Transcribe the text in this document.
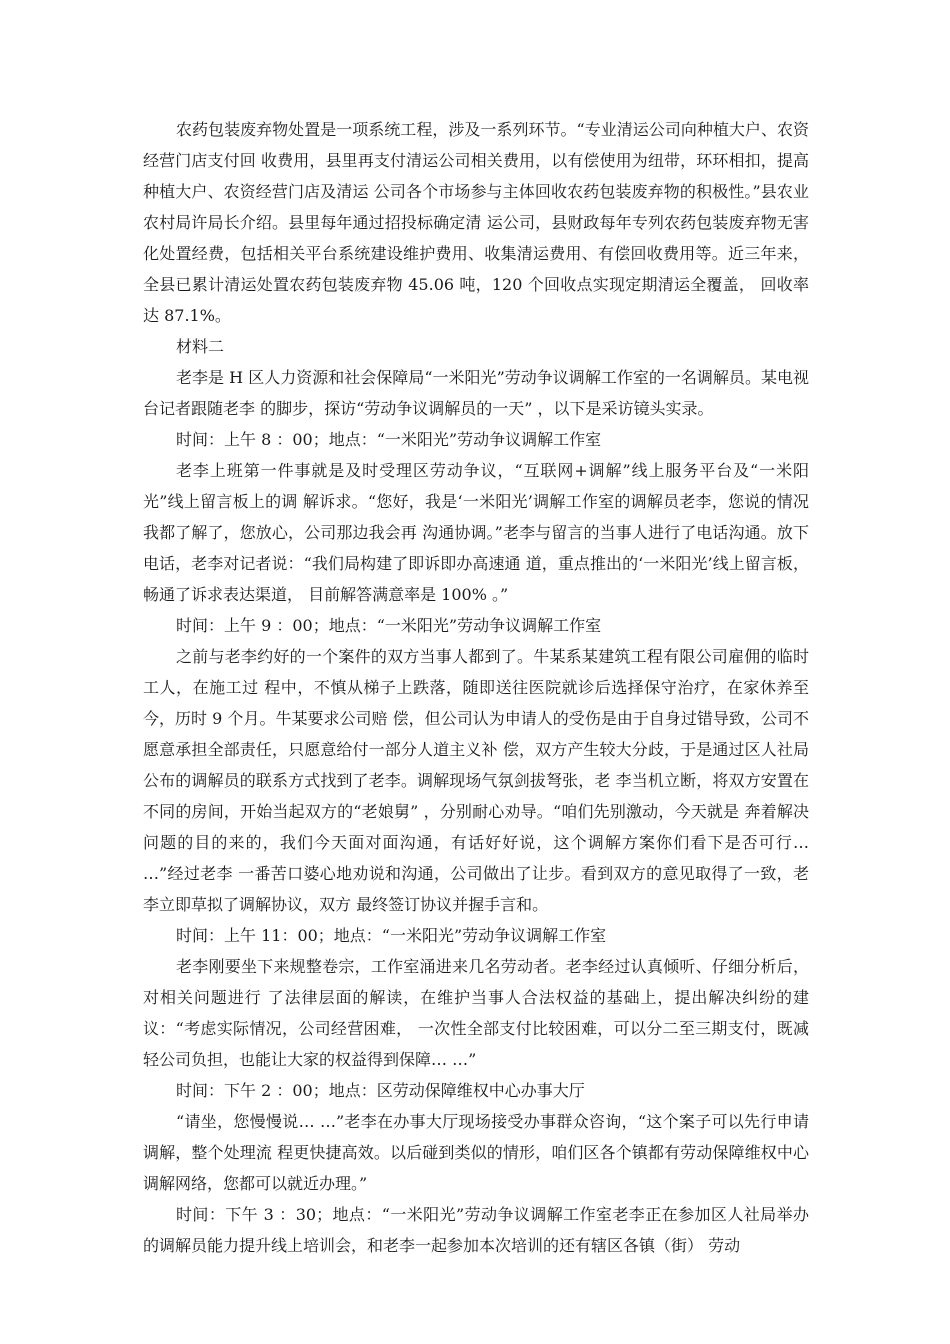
农药包装废弃物处置是一项系统工程，涉及一系列环节。“专业清运公司向种植大户、农资经营门店支付回 收费用，县里再支付清运公司相关费用，以有偿使用为纽带，环环相扣，提高种植大户、农资经营门店及清运 公司各个市场参与主体回收农药包装废弃物的积极性。”县农业农村局许局长介绍。县里每年通过招投标确定清 运公司，县财政每年专列农药包装废弃物无害化处置经费，包括相关平台系统建设维护费用、收集清运费用、有偿回收费用等。近三年来，全县已累计清运处置农药包装废弃物 45.06 吨，120 个回收点实现定期清运全覆盖， 回收率达 87.1%。

材料二

老李是 H 区人力资源和社会保障局“一米阳光”劳动争议调解工作室的一名调解员。某电视台记者跟随老李 的脚步，探访“劳动争议调解员的一天” ，以下是采访镜头实录。

时间：上午 8 ：00；地点：“一米阳光”劳动争议调解工作室

老李上班第一件事就是及时受理区劳动争议，“互联网+调解”线上服务平台及“一米阳光”线上留言板上的调 解诉求。“您好，我是‘一米阳光’调解工作室的调解员老李，您说的情况我都了解了，您放心，公司那边我会再 沟通协调。”老李与留言的当事人进行了电话沟通。放下电话，老李对记者说：“我们局构建了即诉即办高速通 道，重点推出的‘一米阳光’线上留言板，畅通了诉求表达渠道， 目前解答满意率是 100% 。”

时间：上午 9 ：00；地点：“一米阳光”劳动争议调解工作室

之前与老李约好的一个案件的双方当事人都到了。牛某系某建筑工程有限公司雇佣的临时工人，在施工过 程中，不慎从梯子上跌落，随即送往医院就诊后选择保守治疗，在家休养至今，历时 9 个月。牛某要求公司赔 偿，但公司认为申请人的受伤是由于自身过错导致，公司不愿意承担全部责任，只愿意给付一部分人道主义补 偿，双方产生较大分歧，于是通过区人社局公布的调解员的联系方式找到了老李。调解现场气氛剑拔弩张，老 李当机立断，将双方安置在不同的房间，开始当起双方的“老娘舅” ，分别耐心劝导。“咱们先别激动，今天就是 奔着解决问题的目的来的，我们今天面对面沟通，有话好好说，这个调解方案你们看下是否可行… …”经过老李 一番苦口婆心地劝说和沟通，公司做出了让步。看到双方的意见取得了一致，老李立即草拟了调解协议，双方 最终签订协议并握手言和。

时间：上午 11：00；地点：“一米阳光”劳动争议调解工作室

老李刚要坐下来规整卷宗，工作室涌进来几名劳动者。老李经过认真倾听、仔细分析后，对相关问题进行 了法律层面的解读，在维护当事人合法权益的基础上，提出解决纠纷的建议：“考虑实际情况，公司经营困难， 一次性全部支付比较困难，可以分二至三期支付，既减轻公司负担，也能让大家的权益得到保障… …”

时间：下午 2 ：00；地点：区劳动保障维权中心办事大厅

“请坐，您慢慢说… …”老李在办事大厅现场接受办事群众咨询，“这个案子可以先行申请调解，整个处理流 程更快捷高效。以后碰到类似的情形，咱们区各个镇都有劳动保障维权中心调解网络，您都可以就近办理。”

时间：下午 3 ：30；地点：“一米阳光”劳动争议调解工作室老李正在参加区人社局举办的调解员能力提升线上培训会，和老李一起参加本次培训的还有辖区各镇（街） 劳动
